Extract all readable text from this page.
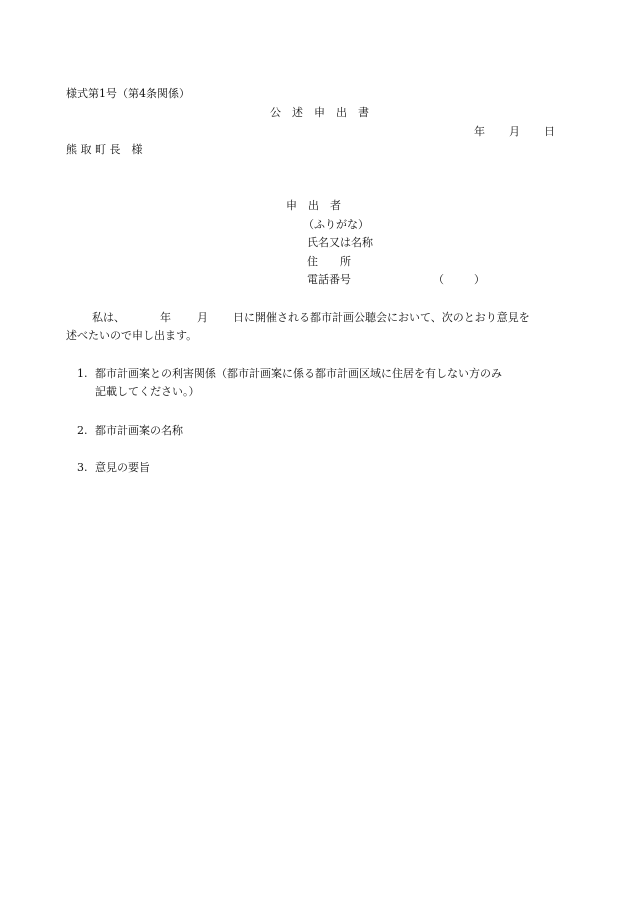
様式第1号（第4条関係）
公　述　申　出　書
年 月 日
熊 取 町 長　様
申　出　者
（ふりがな）
氏名又は名称
住　　所
電話番号	（	）
私は、	年 月 日に開催される都市計画公聴会において、次のとおり意見を
述べたいので申し出ます。
1. 都市計画案との利害関係（都市計画案に係る都市計画区域に住居を有しない方のみ
記載してください。）
2. 都市計画案の名称
3. 意見の要旨
